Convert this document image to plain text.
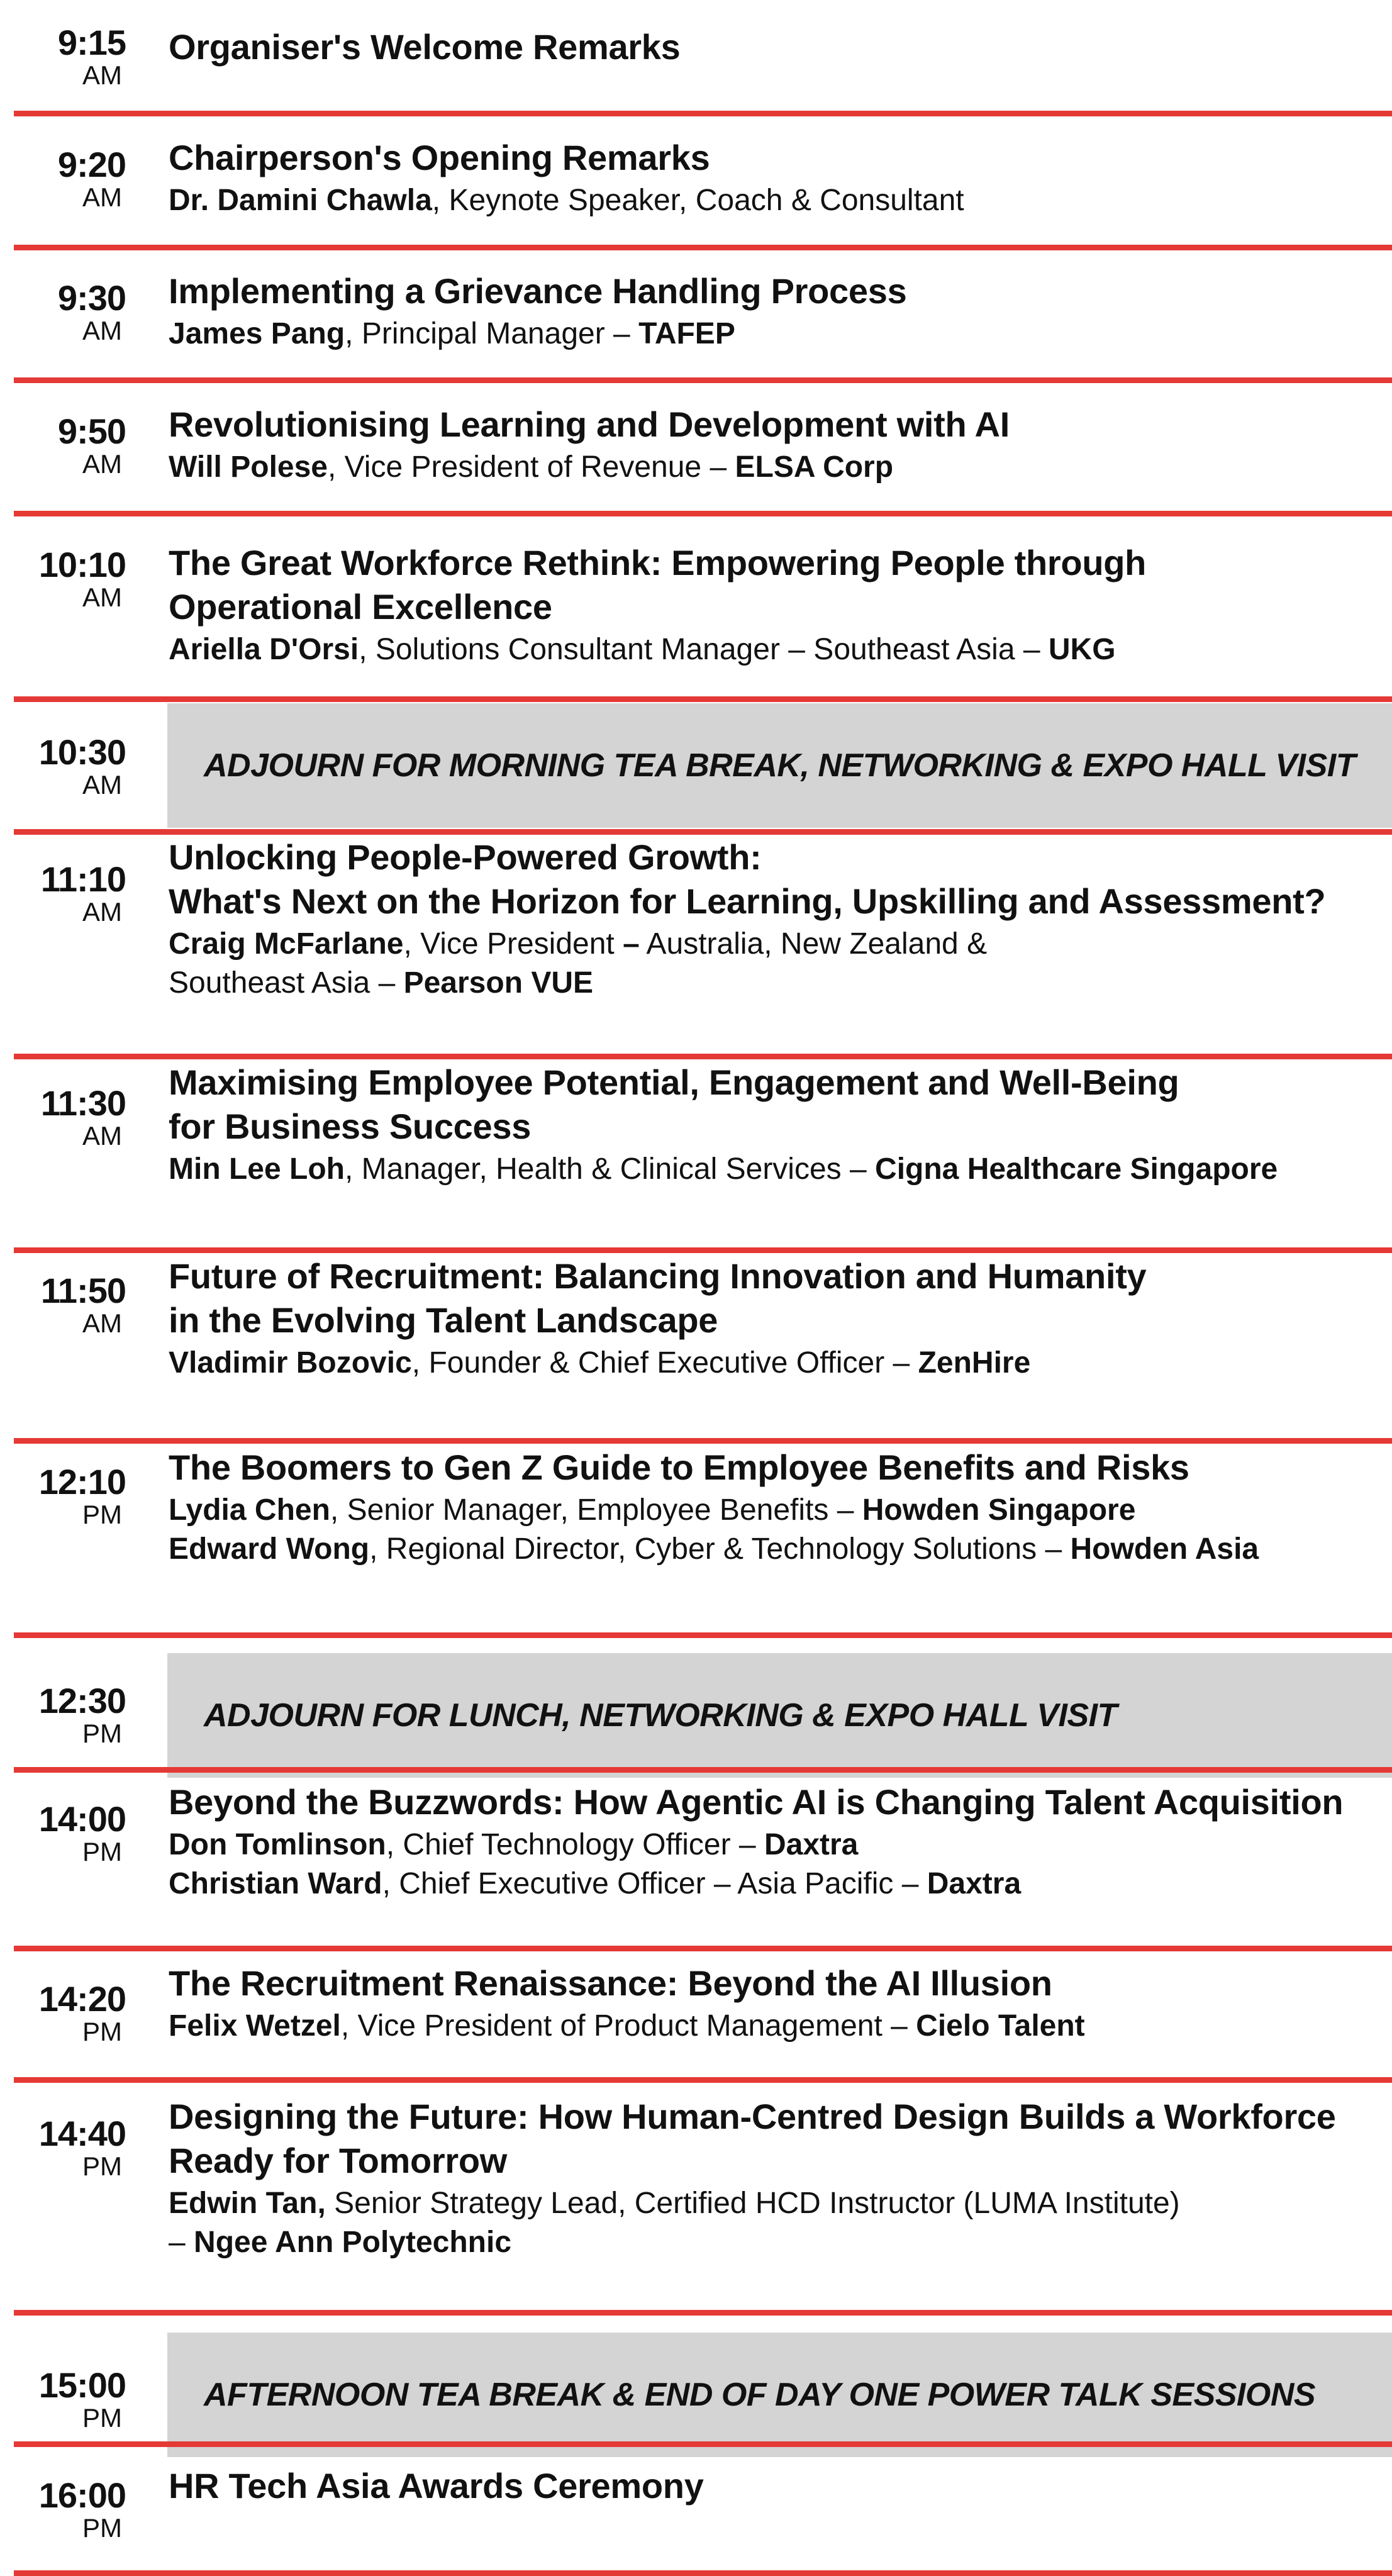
9:15
AM
Organiser's Welcome Remarks
9:20
AM
Chairperson's Opening Remarks
Dr. Damini Chawla, Keynote Speaker, Coach & Consultant
9:30
AM
Implementing a Grievance Handling Process
James Pang, Principal Manager – TAFEP
9:50
AM
Revolutionising Learning and Development with AI
Will Polese, Vice President of Revenue – ELSA Corp
10:10
AM
The Great Workforce Rethink: Empowering People through
Operational Excellence
Ariella D'Orsi, Solutions Consultant Manager – Southeast Asia – UKG
10:30
AM
ADJOURN FOR MORNING TEA BREAK, NETWORKING & EXPO HALL VISIT
11:10
AM
Unlocking People-Powered Growth:
What's Next on the Horizon for Learning, Upskilling and Assessment?
Craig McFarlane, Vice President – Australia, New Zealand &
Southeast Asia – Pearson VUE
11:30
AM
Maximising Employee Potential, Engagement and Well-Being
for Business Success
Min Lee Loh, Manager, Health & Clinical Services – Cigna Healthcare Singapore
11:50
AM
Future of Recruitment: Balancing Innovation and Humanity
in the Evolving Talent Landscape
Vladimir Bozovic, Founder & Chief Executive Officer – ZenHire
12:10
PM
The Boomers to Gen Z Guide to Employee Benefits and Risks
Lydia Chen, Senior Manager, Employee Benefits – Howden Singapore
Edward Wong, Regional Director, Cyber & Technology Solutions – Howden Asia
12:30
PM	ADJOURN FOR LUNCH, NETWORKING & EXPO HALL VISIT
14:00
PM
Beyond the Buzzwords: How Agentic AI is Changing Talent Acquisition
Don Tomlinson, Chief Technology Officer – Daxtra
Christian Ward, Chief Executive Officer – Asia Pacific – Daxtra
14:20
PM
The Recruitment Renaissance: Beyond the AI Illusion
Felix Wetzel, Vice President of Product Management – Cielo Talent
14:40
PM
Designing the Future: How Human-Centred Design Builds a Workforce
Ready for Tomorrow
Edwin Tan, Senior Strategy Lead, Certified HCD Instructor (LUMA Institute)
– Ngee Ann Polytechnic
15:00
PM
AFTERNOON TEA BREAK & END OF DAY ONE POWER TALK SESSIONS
16:00
PM
HR Tech Asia Awards Ceremony
